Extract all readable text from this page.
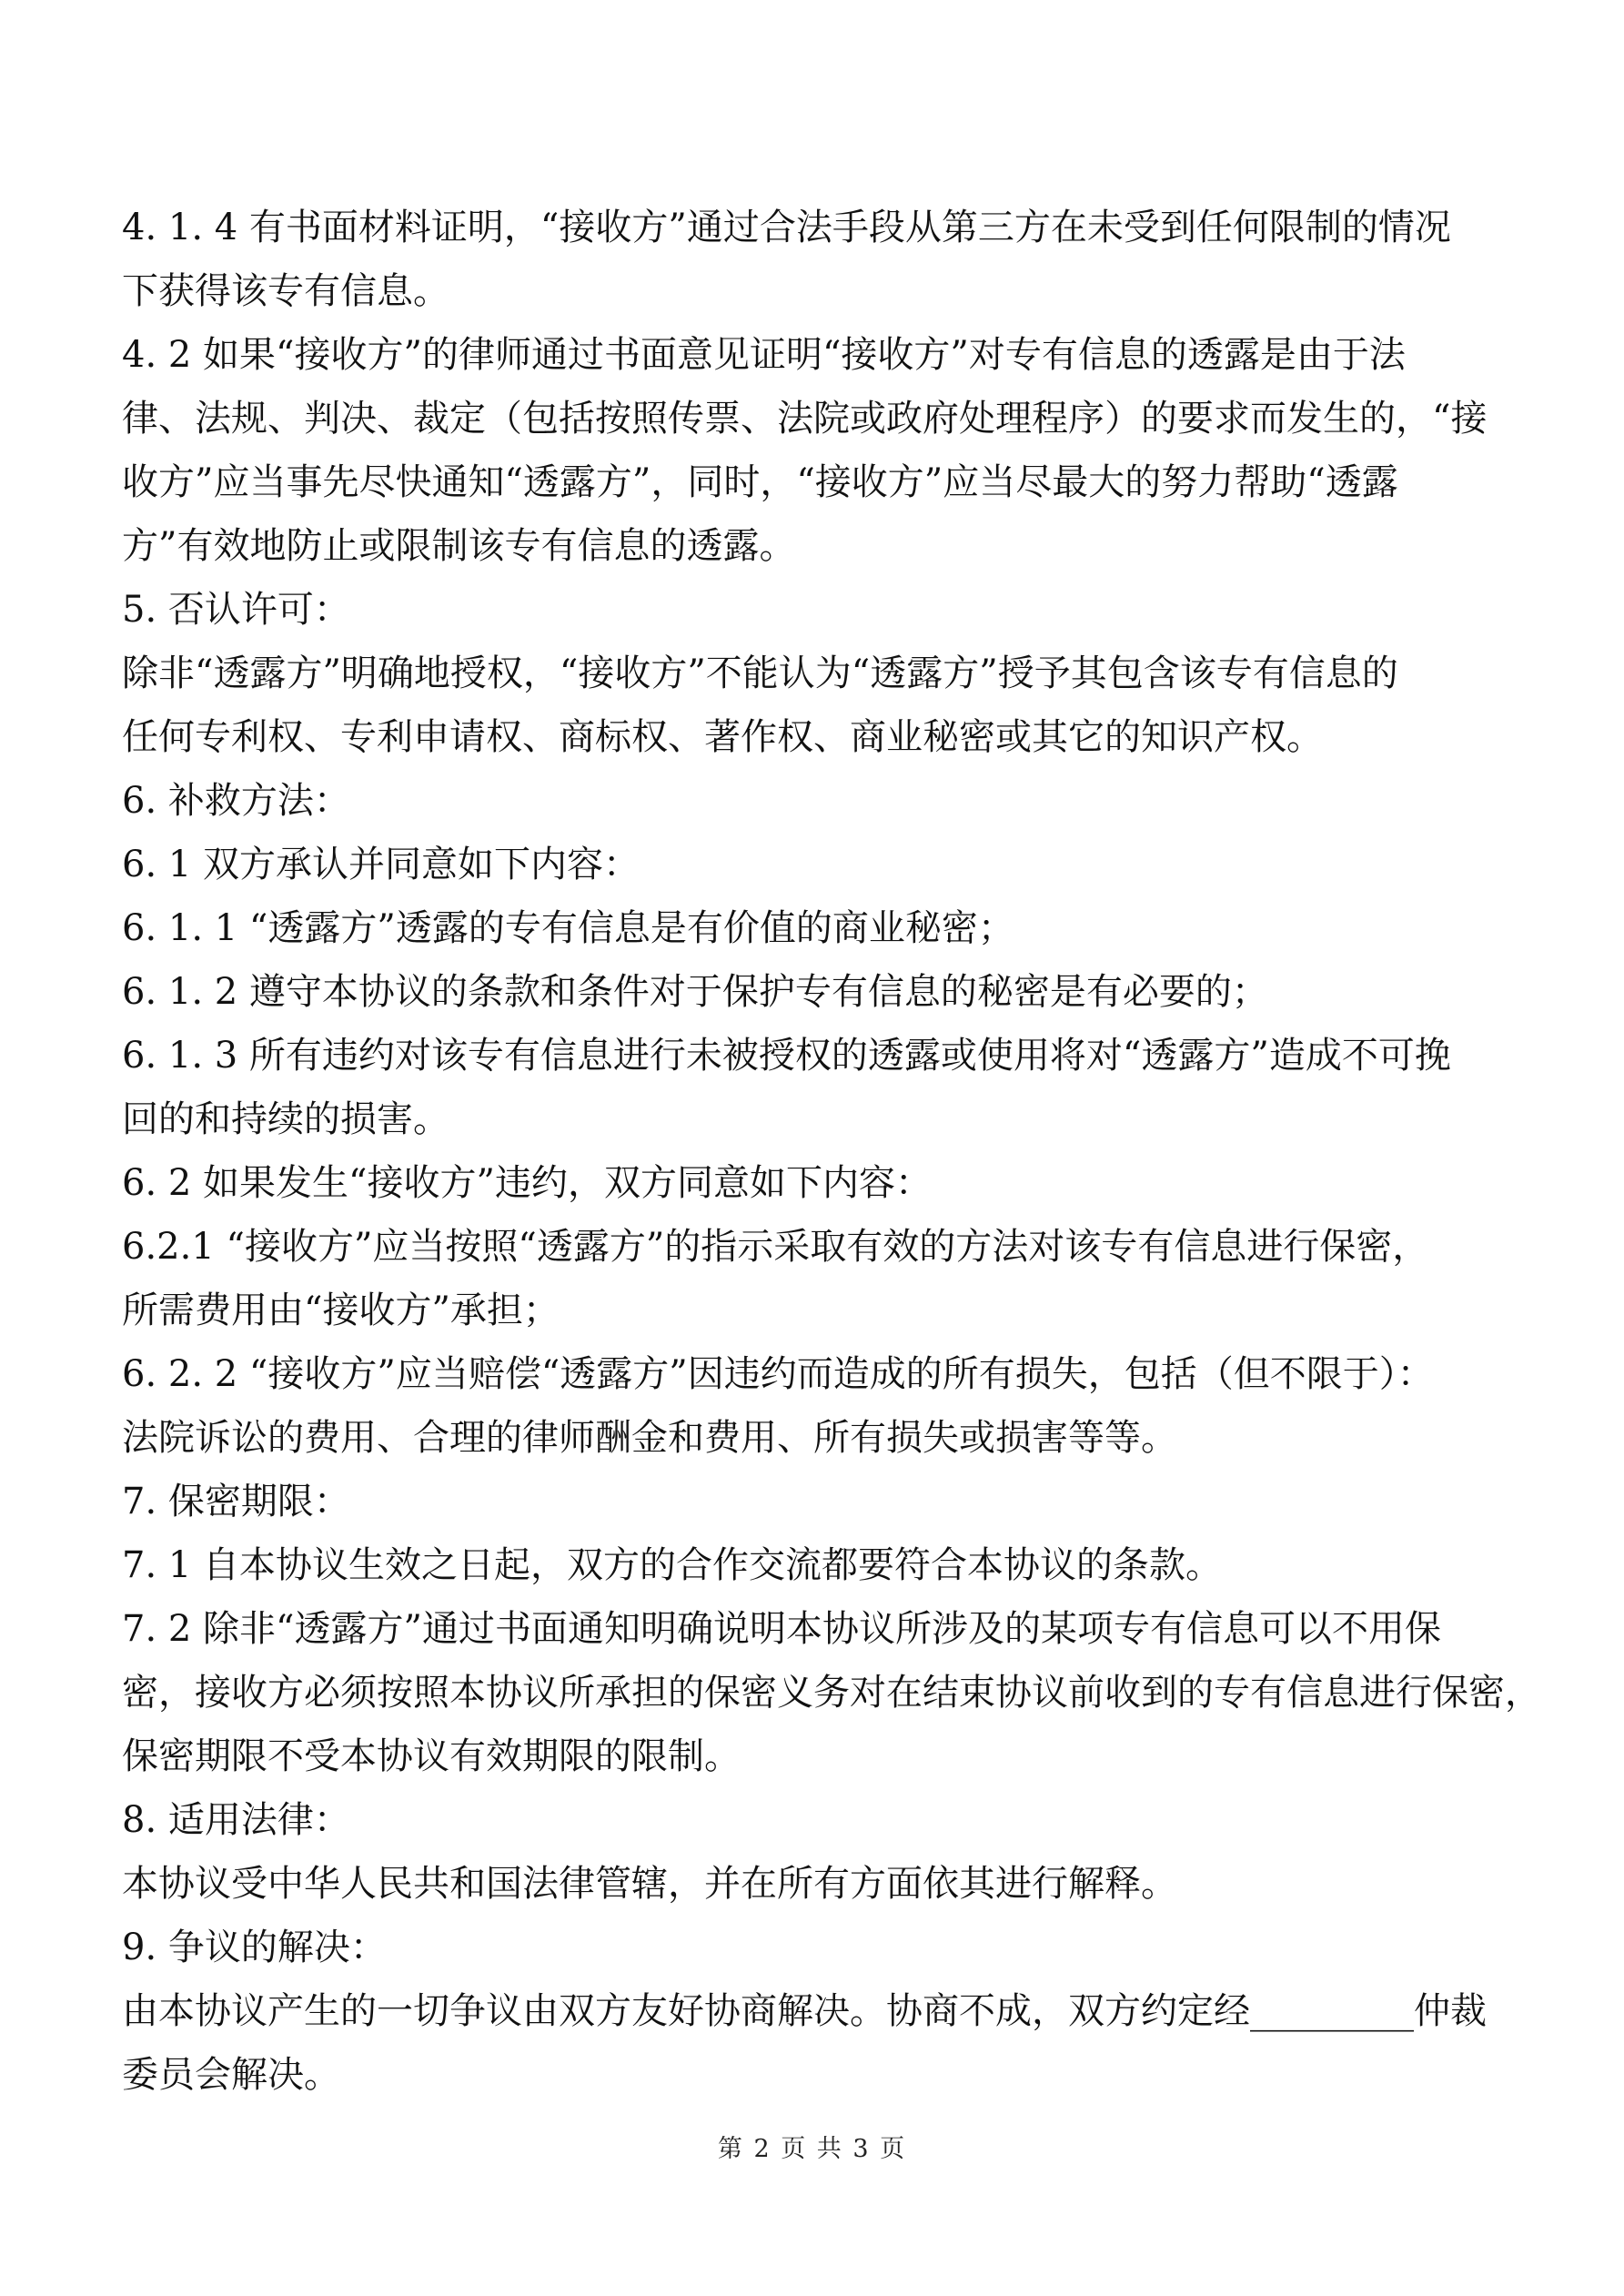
4. 1. 4 有书面材料证明，“接收方”通过合法手段从第三方在未受到任何限制的情况
下获得该专有信息。
4. 2 如果“接收方”的律师通过书面意见证明“接收方”对专有信息的透露是由于法
律、法规、判决、裁定（包括按照传票、法院或政府处理程序）的要求而发生的，“接
收方”应当事先尽快通知“透露方”，同时，“接收方”应当尽最大的努力帮助“透露
方”有效地防止或限制该专有信息的透露。
5. 否认许可：
除非“透露方”明确地授权，“接收方”不能认为“透露方”授予其包含该专有信息的
任何专利权、专利申请权、商标权、著作权、商业秘密或其它的知识产权。
6. 补救方法：
6. 1 双方承认并同意如下内容：
6. 1. 1 “透露方”透露的专有信息是有价值的商业秘密；
6. 1. 2 遵守本协议的条款和条件对于保护专有信息的秘密是有必要的；
6. 1. 3 所有违约对该专有信息进行未被授权的透露或使用将对“透露方”造成不可挽
回的和持续的损害。
6. 2 如果发生“接收方”违约，双方同意如下内容：
6.2.1 “接收方”应当按照“透露方”的指示采取有效的方法对该专有信息进行保密，
所需费用由“接收方”承担；
6. 2. 2 “接收方”应当赔偿“透露方”因违约而造成的所有损失，包括（但不限于）：
法院诉讼的费用、合理的律师酬金和费用、所有损失或损害等等。
7. 保密期限：
7. 1 自本协议生效之日起，双方的合作交流都要符合本协议的条款。
7. 2 除非“透露方”通过书面通知明确说明本协议所涉及的某项专有信息可以不用保
密，接收方必须按照本协议所承担的保密义务对在结束协议前收到的专有信息进行保密，
保密期限不受本协议有效期限的限制。
8. 适用法律：
本协议受中华人民共和国法律管辖，并在所有方面依其进行解释。
9. 争议的解决：
由本协议产生的一切争议由双方友好协商解决。协商不成，双方约定经_________仲裁
委员会解决。
第 2 页 共 3 页
